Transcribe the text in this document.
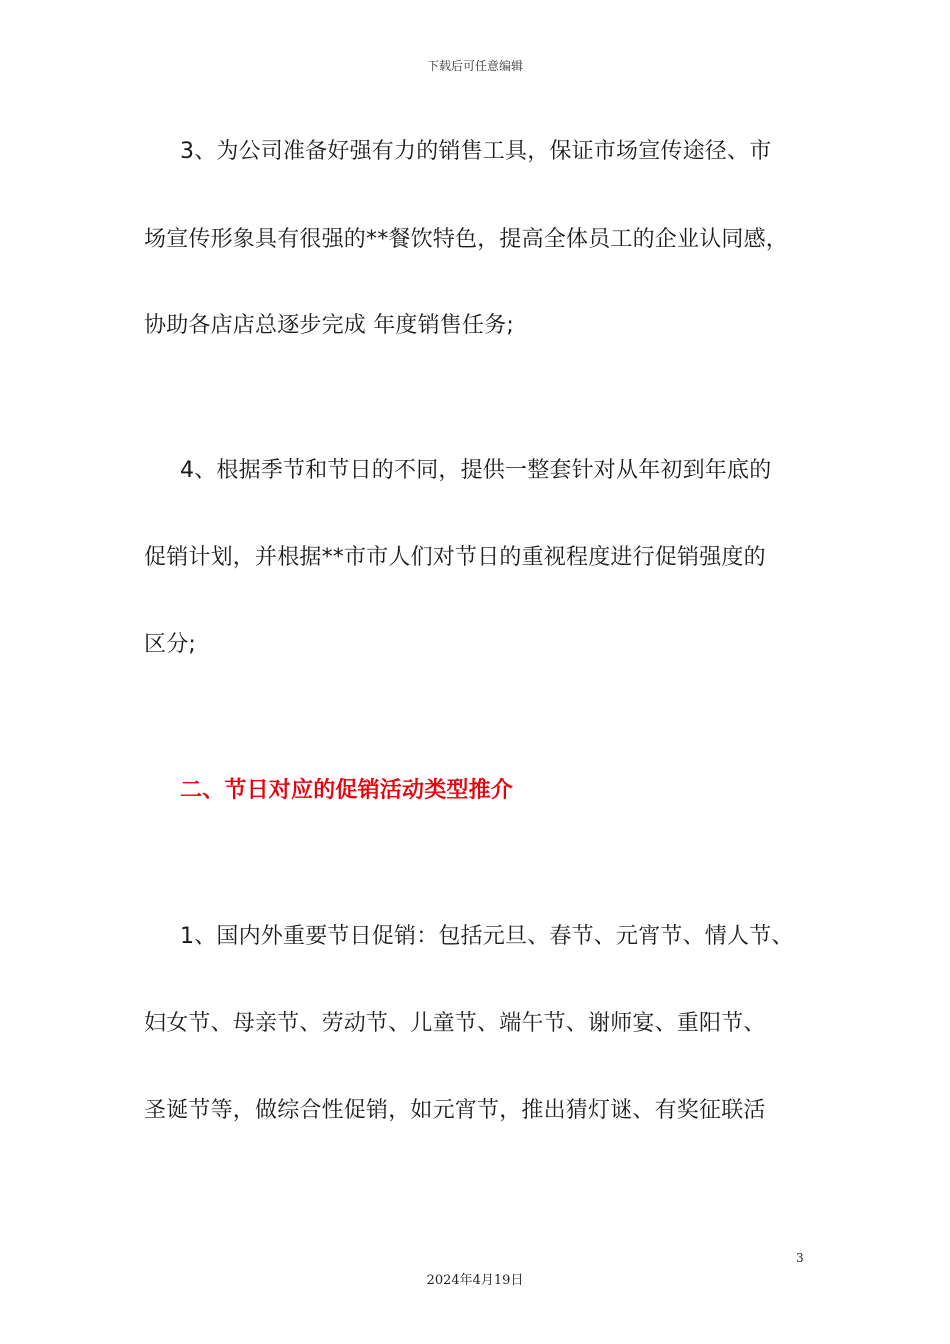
下载后可任意编辑
3、为公司准备好强有力的销售工具，保证市场宣传途径、市
场宣传形象具有很强的**餐饮特色，提高全体员工的企业认同感，
协助各店店总逐步完成 年度销售任务;
4、根据季节和节日的不同，提供一整套针对从年初到年底的
促销计划，并根据**市市人们对节日的重视程度进行促销强度的
区分;
二、节日对应的促销活动类型推介
1、国内外重要节日促销：包括元旦、春节、元宵节、情人节、
妇女节、母亲节、劳动节、儿童节、端午节、谢师宴、重阳节、
圣诞节等，做综合性促销，如元宵节，推出猜灯谜、有奖征联活
3
2024年4月19日
